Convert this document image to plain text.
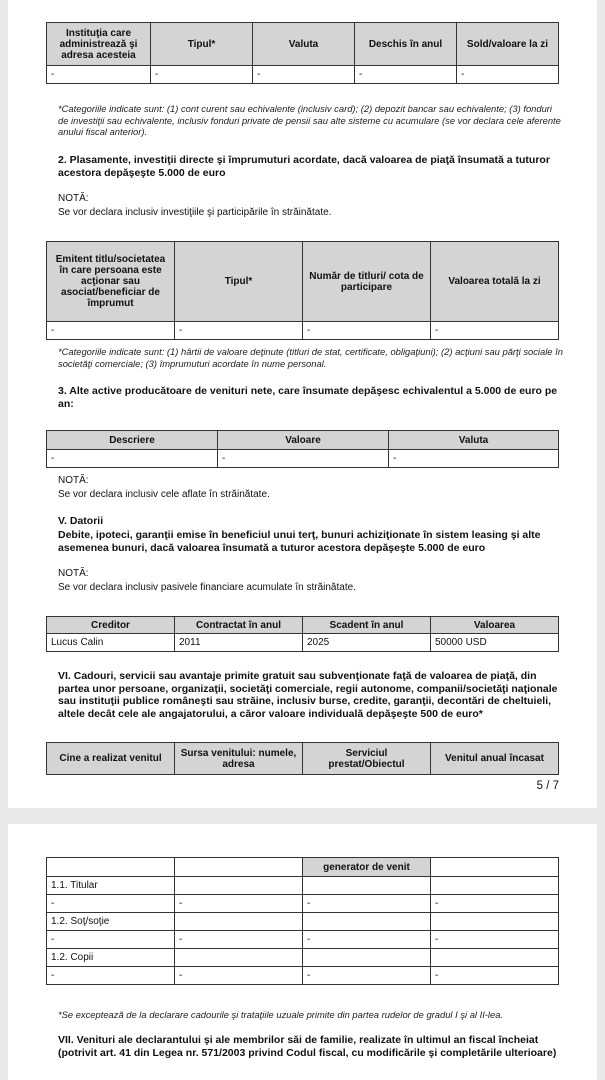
Instituţia care administrează şi adresa acesteia	Tipul*	Valuta	Deschis în anul	Sold/valoare la zi
-	-	-	-	-
*Categoriile indicate sunt: (1) cont curent sau echivalente (inclusiv card); (2) depozit bancar sau echivalente; (3) fonduri de investiţii sau echivalente, inclusiv fonduri private de pensii sau alte sisteme cu acumulare (se vor declara cele aferente anului fiscal anterior).
2. Plasamente, investiţii directe şi împrumuturi acordate, dacă valoarea de piaţă însumată a tuturor acestora depăşeşte 5.000 de euro
NOTĂ:
Se vor declara inclusiv investiţiile şi participările în străinătate.
Emitent titlu/societatea în care persoana este acţionar sau asociat/beneficiar de împrumut	Tipul*	Număr de titluri/ cota de participare	Valoarea totală la zi
-	-	-	-
*Categoriile indicate sunt: (1) hârtii de valoare deţinute (titluri de stat, certificate, obligaţiuni); (2) acţiuni sau părţi sociale în societăţi comerciale; (3) împrumuturi acordate în nume personal.
3. Alte active producătoare de venituri nete, care însumate depăşesc echivalentul a 5.000 de euro pe an:
Descriere	Valoare	Valuta
-	-	-
NOTĂ:
Se vor declara inclusiv cele aflate în străinătate.
V. Datorii
Debite, ipoteci, garanţii emise în beneficiul unui terţ, bunuri achiziţionate în sistem leasing şi alte asemenea bunuri, dacă valoarea însumată a tuturor acestora depăşeşte 5.000 de euro
NOTĂ:
Se vor declara inclusiv pasivele financiare acumulate în străinătate.
Creditor	Contractat în anul	Scadent în anul	Valoarea
Lucus Calin	2011	2025	50000 USD
VI. Cadouri, servicii sau avantaje primite gratuit sau subvenţionate faţă de valoarea de piaţă, din partea unor persoane, organizaţii, societăţi comerciale, regii autonome, companii/societăţi naţionale sau instituţii publice româneşti sau străine, inclusiv burse, credite, garanţii, decontări de cheltuieli, altele decât cele ale angajatorului, a căror valoare individuală depăşeşte 500 de euro*
Cine a realizat venitul	Sursa venitului: numele, adresa	Serviciul prestat/Obiectul	Venitul anual încasat
5 / 7
		generator de venit	
1.1. Titular			
-	-	-	-
1.2. Soţ/soţie			
-	-	-	-
1.2. Copii			
-	-	-	-
*Se exceptează de la declarare cadourile şi trataţiile uzuale primite din partea rudelor de gradul I şi al II-lea.
VII. Venituri ale declarantului şi ale membrilor săi de familie, realizate în ultimul an fiscal încheiat (potrivit art. 41 din Legea nr. 571/2003 privind Codul fiscal, cu modificările şi completările ulterioare)
